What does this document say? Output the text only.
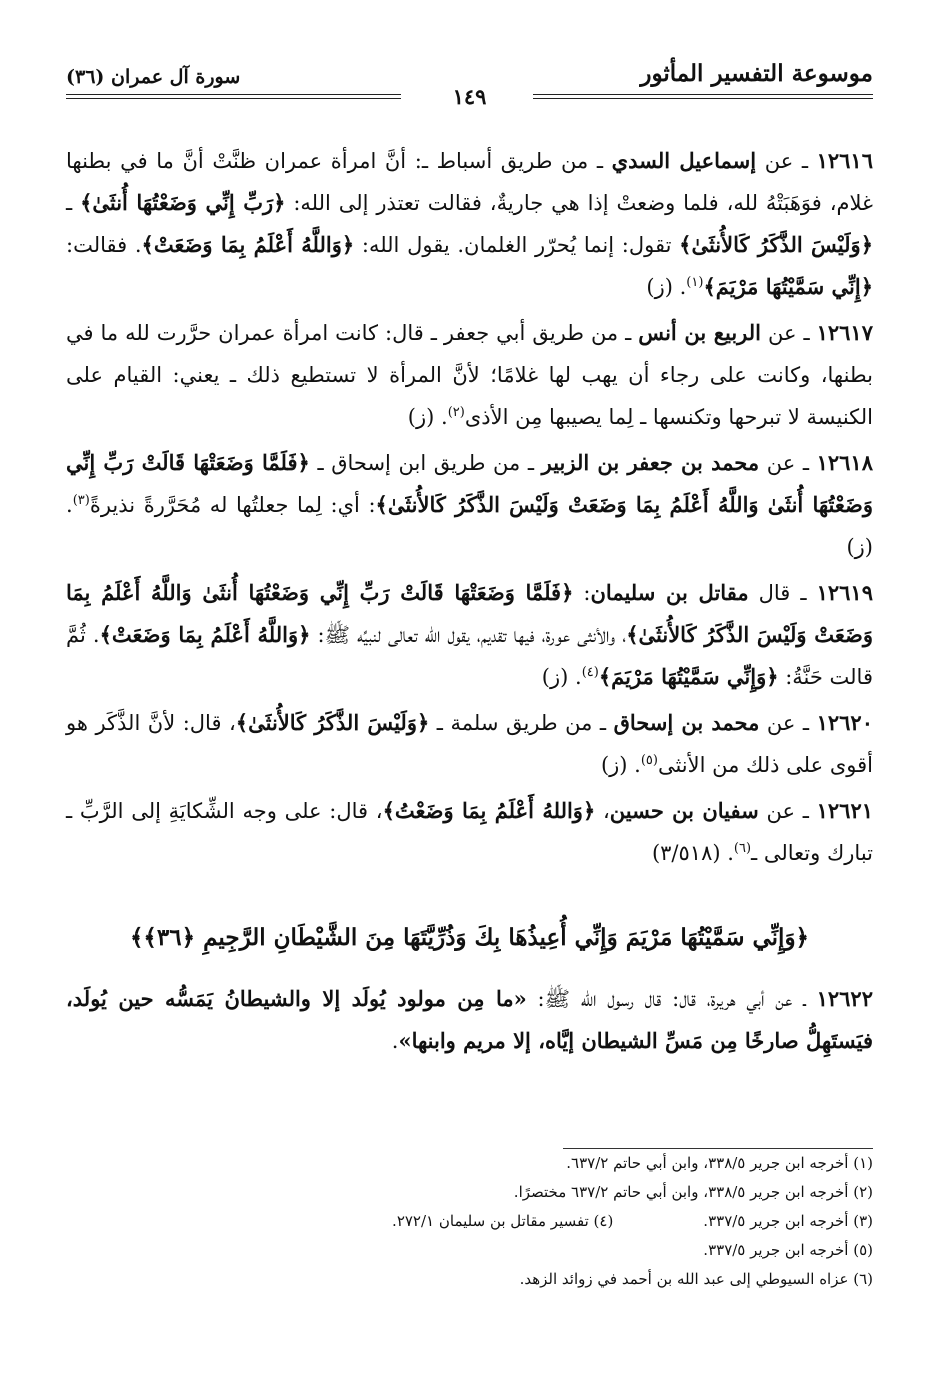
موسوعة التفسير المأثور
١٤٩
سورة آل عمران (٣٦)

١٢٦١٦ ـ عن إسماعيل السدي ـ من طريق أسباط ـ: أنَّ امرأة عمران ظنَّتْ أنَّ ما في بطنها غلام، فوَهَبَتْهُ لله، فلما وضعتْ إذا هي جاريةٌ، فقالت تعتذر إلى الله: ﴿رَبِّ إِنِّي وَضَعْتُهَا أُنثَىٰ﴾ ـ ﴿وَلَيْسَ الذَّكَرُ كَالأُنثَىٰ﴾ تقول: إنما يُحرّر الغلمان. يقول الله: ﴿وَاللَّهُ أَعْلَمُ بِمَا وَضَعَتْ﴾. فقالت: ﴿إِنِّي سَمَّيْتُهَا مَرْيَمَ﴾$^{(١)}$. (ز)

١٢٦١٧ ـ عن الربيع بن أنس ـ من طريق أبي جعفر ـ قال: كانت امرأة عمران حرَّرت لله ما في بطنها، وكانت على رجاء أن يهب لها غلامًا؛ لأنَّ المرأة لا تستطيع ذلك ـ يعني: القيام على الكنيسة لا تبرحها وتكنسها ـ لِما يصيبها مِن الأذى$^{(٢)}$. (ز)

١٢٦١٨ ـ عن محمد بن جعفر بن الزبير ـ من طريق ابن إسحاق ـ ﴿فَلَمَّا وَضَعَتْهَا قَالَتْ رَبِّ إِنِّي وَضَعْتُهَا أُنثَىٰ وَاللَّهُ أَعْلَمُ بِمَا وَضَعَتْ وَلَيْسَ الذَّكَرُ كَالأُنثَىٰ﴾: أي: لِما جعلتُها له مُحَرَّرةً نذيرةً$^{(٣)}$. (ز)

١٢٦١٩ ـ قال مقاتل بن سليمان: ﴿فَلَمَّا وَضَعَتْهَا قَالَتْ رَبِّ إِنِّي وَضَعْتُهَا أُنثَىٰ وَاللَّهُ أَعْلَمُ بِمَا وَضَعَتْ وَلَيْسَ الذَّكَرُ كَالأُنثَىٰ﴾، والأنثى عورة، فيها تقديم، يقول الله تعالى لنبيِّه ﷺ: ﴿وَاللَّهُ أَعْلَمُ بِمَا وَضَعَتْ﴾. ثُمَّ قالت حَنَّةُ: ﴿وَإِنِّي سَمَّيْتُهَا مَرْيَمَ﴾$^{(٤)}$. (ز)

١٢٦٢٠ ـ عن محمد بن إسحاق ـ من طريق سلمة ـ ﴿وَلَيْسَ الذَّكَرُ كَالأُنثَىٰ﴾، قال: لأنَّ الذَّكَر هو أقوى على ذلك من الأنثى$^{(٥)}$. (ز)

١٢٦٢١ ـ عن سفيان بن حسين، ﴿وَاللهُ أَعْلَمُ بِمَا وَضَعْتُ﴾، قال: على وجه الشِّكايَةِ إلى الرَّبِّ ـ تبارك وتعالى ـ$^{(٦)}$. (٣/٥١٨)

﴿وَإِنِّي سَمَّيْتُهَا مَرْيَمَ وَإِنِّي أُعِيذُهَا بِكَ وَذُرِّيَّتَهَا مِنَ الشَّيْطَانِ الرَّجِيمِ ﴿٣٦﴾﴾

١٢٦٢٢ ـ عن أبي هريرة، قال: قال رسول الله ﷺ: «ما مِن مولود يُولَد إلا والشيطانُ يَمَسُّه حين يُولَد، فيَستَهِلُّ صارخًا مِن مَسِّ الشيطان إيَّاه، إلا مريم وابنها».

(١) أخرجه ابن جرير ٣٣٨/٥، وابن أبي حاتم ٦٣٧/٢.

(٢) أخرجه ابن جرير ٣٣٨/٥، وابن أبي حاتم ٦٣٧/٢ مختصرًا.

(٣) أخرجه ابن جرير ٣٣٧/٥.

(٤) تفسير مقاتل بن سليمان ٢٧٢/١.

(٥) أخرجه ابن جرير ٣٣٧/٥.

(٦) عزاه السيوطي إلى عبد الله بن أحمد في زوائد الزهد.
